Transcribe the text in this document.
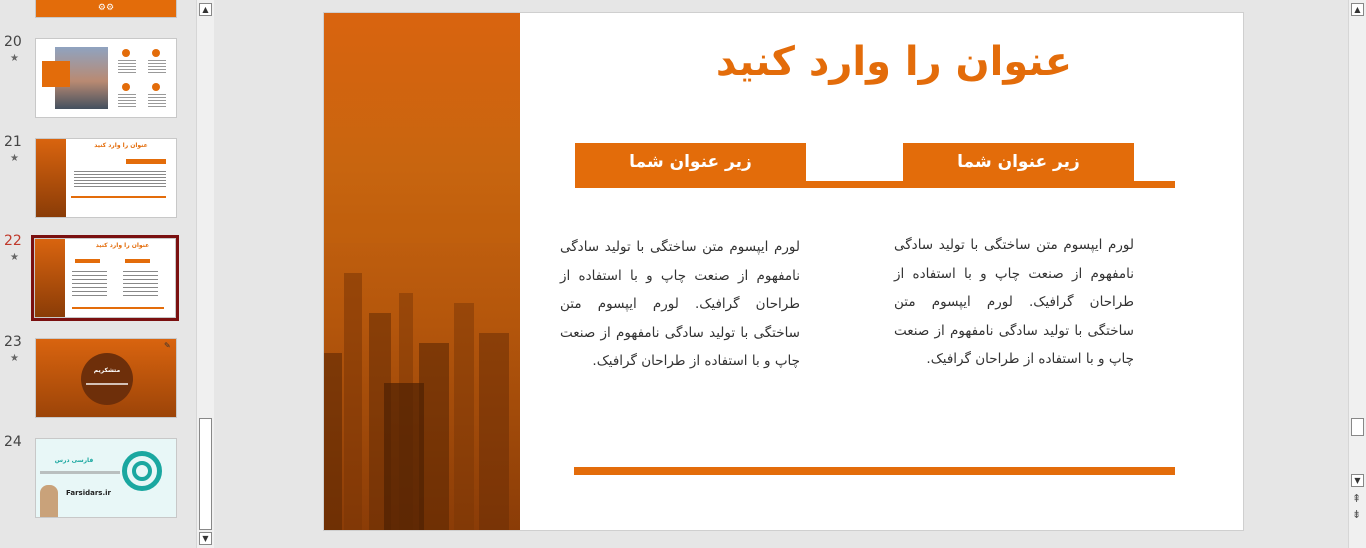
⚙⚙
20
★
21
★
عنوان را وارد کنید
22
★
عنوان را وارد کنید
23
★
متشکریم
✎
24
فارسی درس
Farsidars.ir
▲
▼
عنوان را وارد کنید
زیر عنوان شما	زیر عنوان شما
لورم ایپسوم متن ساختگی با تولید سادگی نامفهوم از صنعت چاپ و با استفاده از طراحان گرافیک. لورم ایپسوم متن ساختگی با تولید سادگی نامفهوم از صنعت چاپ و با استفاده از طراحان گرافیک.
لورم ایپسوم متن ساختگی با تولید سادگی نامفهوم از صنعت چاپ و با استفاده از طراحان گرافیک. لورم ایپسوم متن ساختگی با تولید سادگی نامفهوم از صنعت چاپ و با استفاده از طراحان گرافیک.
▲
▼
⇞
⇟
